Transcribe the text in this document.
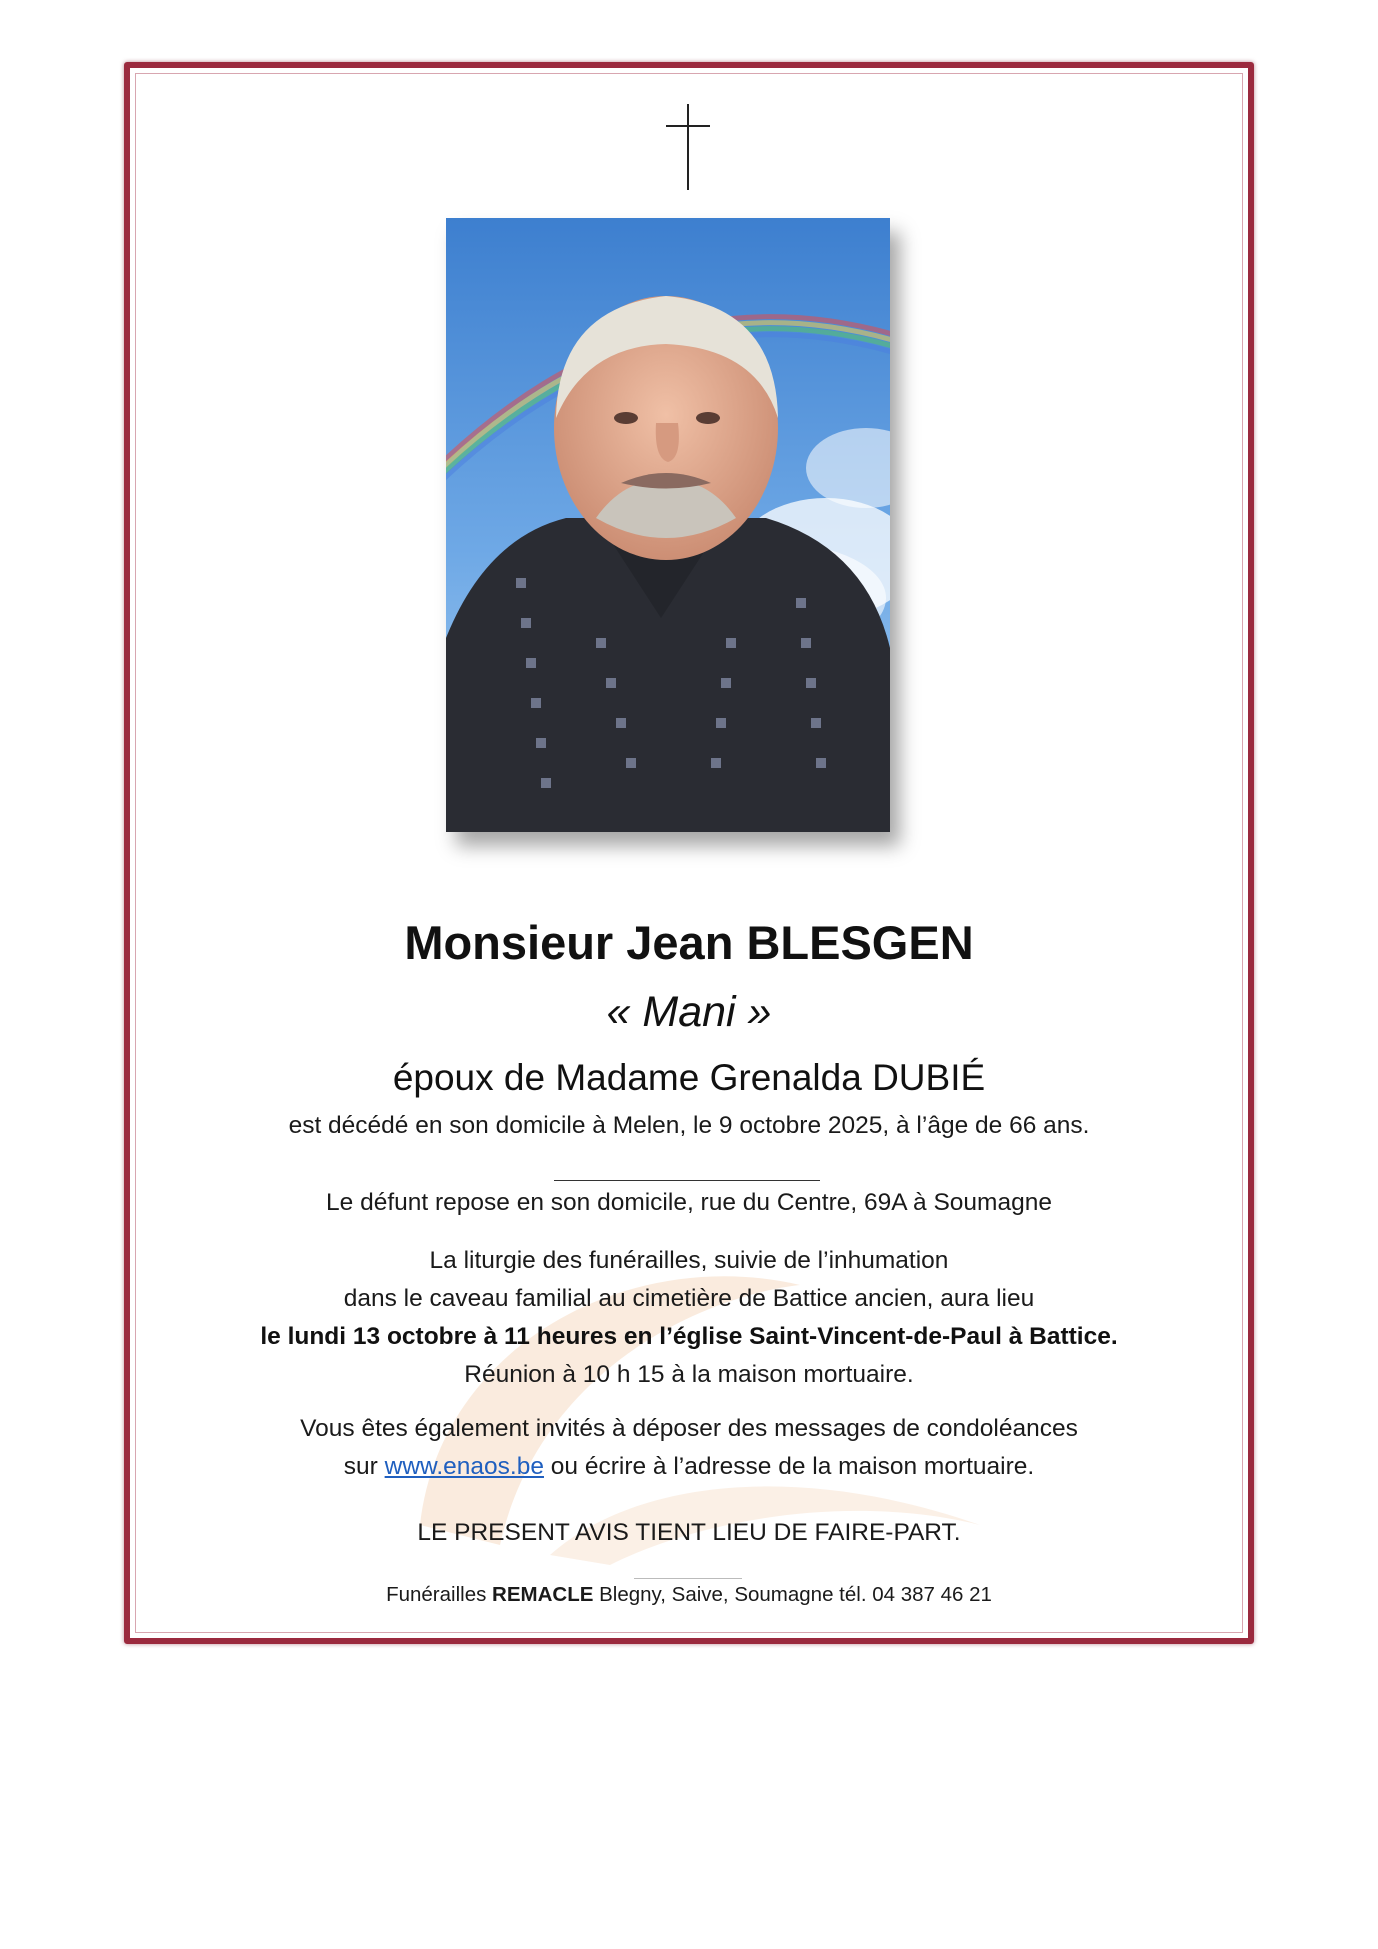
Monsieur Jean BLESGEN

« Mani »

époux de Madame Grenalda DUBIÉ

est décédé en son domicile à Melen, le 9 octobre 2025, à l’âge de 66 ans.

Le défunt repose en son domicile, rue du Centre, 69A à Soumagne

La liturgie des funérailles, suivie de l’inhumation

dans le caveau familial au cimetière de Battice ancien, aura lieu

le lundi 13 octobre à 11 heures en l’église Saint-Vincent-de-Paul à Battice.

Réunion à 10 h 15 à la maison mortuaire.

Vous êtes également invités à déposer des messages de condoléances

sur www.enaos.be ou écrire à l’adresse de la maison mortuaire.

LE PRESENT AVIS TIENT LIEU DE FAIRE-PART.

Funérailles REMACLE Blegny, Saive, Soumagne tél. 04 387 46 21
